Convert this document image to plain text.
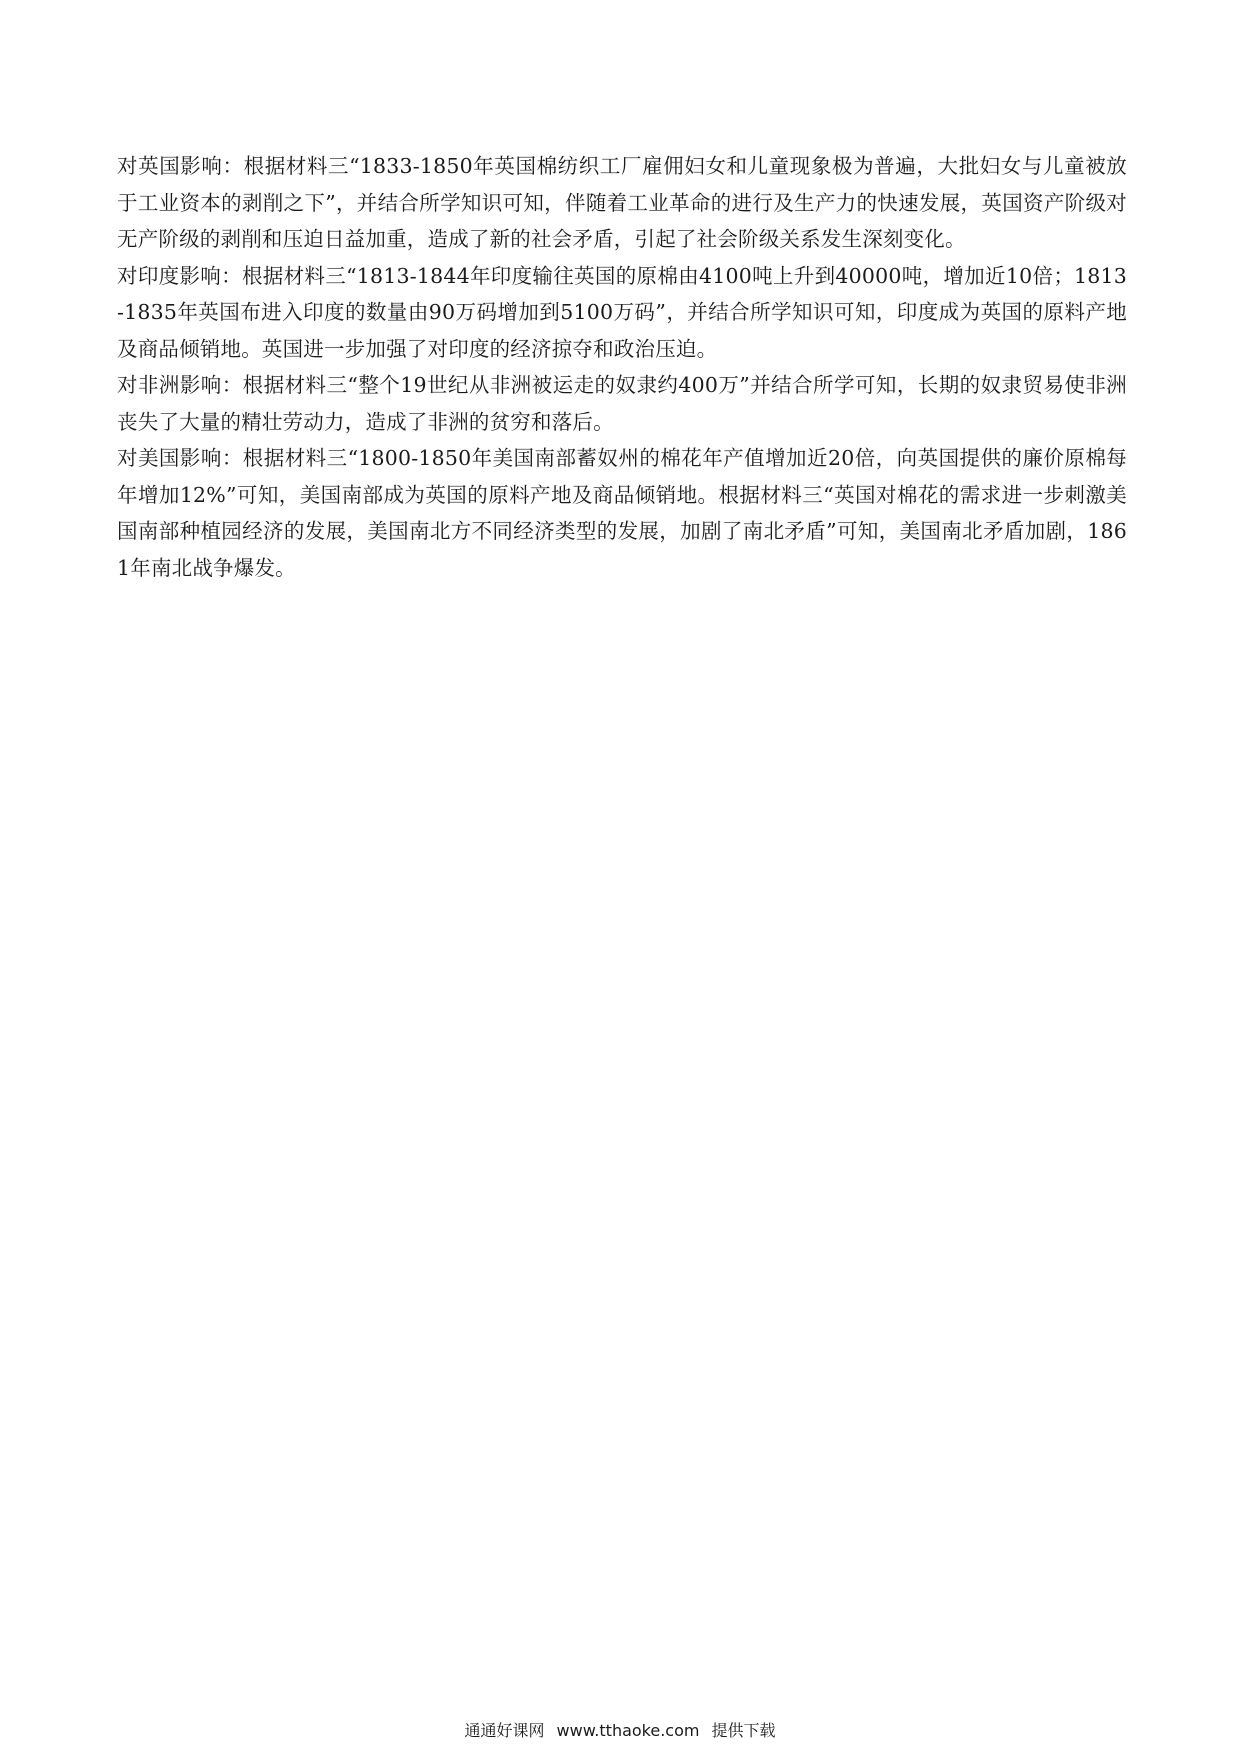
对英国影响：根据材料三“1833-1850年英国棉纺织工厂雇佣妇女和儿童现象极为普遍，大批妇女与儿童被放于工业资本的剥削之下”，并结合所学知识可知，伴随着工业革命的进行及生产力的快速发展，英国资产阶级对无产阶级的剥削和压迫日益加重，造成了新的社会矛盾，引起了社会阶级关系发生深刻变化。

对印度影响：根据材料三“1813-1844年印度输往英国的原棉由4100吨上升到40000吨，增加近10倍；1813-1835年英国布进入印度的数量由90万码增加到5100万码”，并结合所学知识可知，印度成为英国的原料产地及商品倾销地。英国进一步加强了对印度的经济掠夺和政治压迫。

对非洲影响：根据材料三“整个19世纪从非洲被运走的奴隶约400万”并结合所学可知，长期的奴隶贸易使非洲丧失了大量的精壮劳动力，造成了非洲的贫穷和落后。

对美国影响：根据材料三“1800-1850年美国南部蓄奴州的棉花年产值增加近20倍，向英国提供的廉价原棉每年增加12%”可知，美国南部成为英国的原料产地及商品倾销地。根据材料三“英国对棉花的需求进一步刺激美国南部种植园经济的发展，美国南北方不同经济类型的发展，加剧了南北矛盾”可知，美国南北矛盾加剧，1861年南北战争爆发。

通通好课网 www.tthaoke.com 提供下载
